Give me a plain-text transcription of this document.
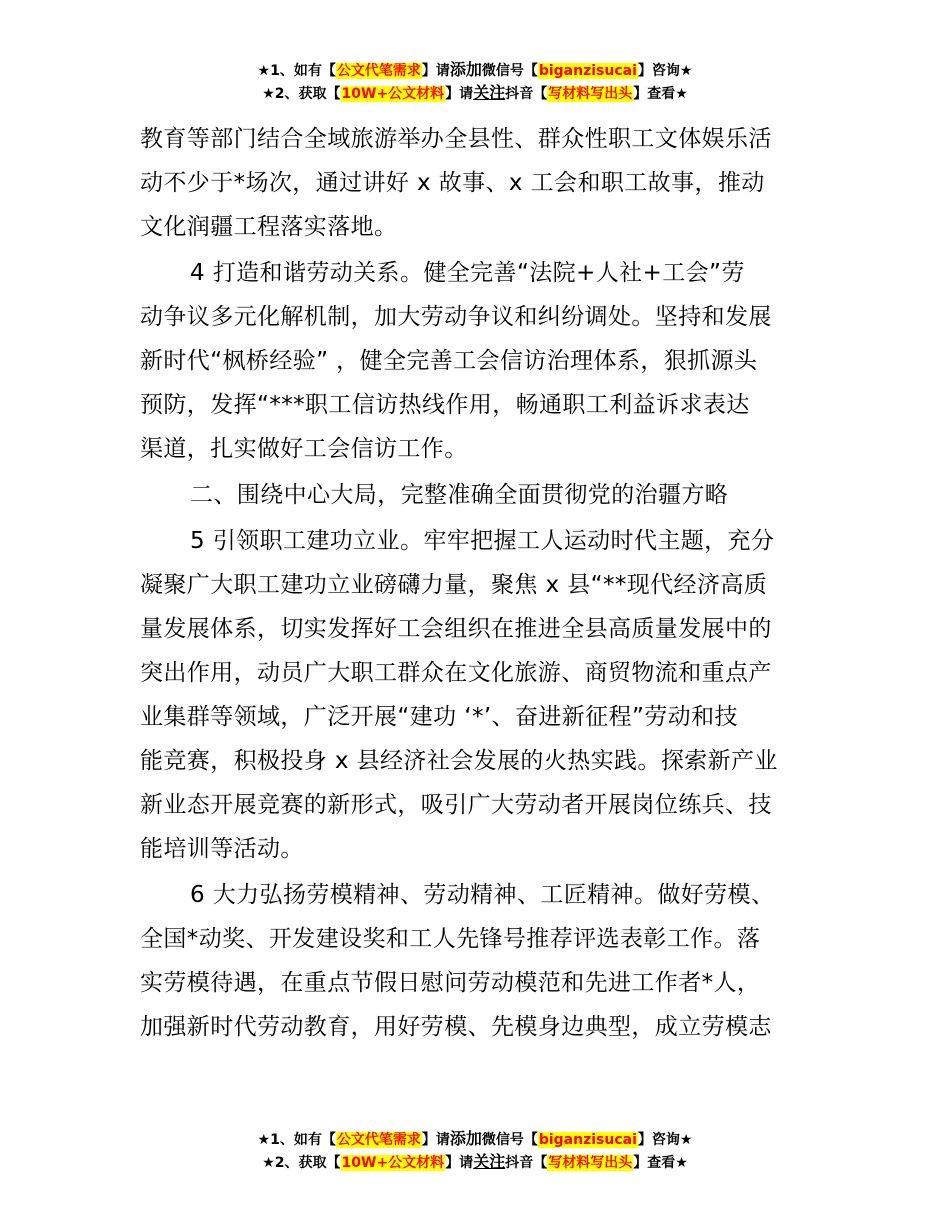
★1、如有【公文代笔需求】请添加微信号【biganzisucai】咨询★
★2、获取【10W+公文材料】请关注抖音【写材料写出头】查看★

教育等部门结合全域旅游举办全县性、群众性职工文体娱乐活
动不少于*场次，通过讲好 x 故事、x 工会和职工故事，推动
文化润疆工程落实落地。

4 打造和谐劳动关系。健全完善“法院+人社+工会”劳
动争议多元化解机制，加大劳动争议和纠纷调处。坚持和发展
新时代“枫桥经验” ，健全完善工会信访治理体系，狠抓源头
预防，发挥“***职工信访热线作用，畅通职工利益诉求表达
渠道，扎实做好工会信访工作。

二、围绕中心大局，完整准确全面贯彻党的治疆方略

5 引领职工建功立业。牢牢把握工人运动时代主题，充分
凝聚广大职工建功立业磅礴力量，聚焦 x 县“**现代经济高质
量发展体系，切实发挥好工会组织在推进全县高质量发展中的
突出作用，动员广大职工群众在文化旅游、商贸物流和重点产
业集群等领域，广泛开展“建功 ‘*’、奋进新征程”劳动和技
能竞赛，积极投身 x 县经济社会发展的火热实践。探索新产业
新业态开展竞赛的新形式，吸引广大劳动者开展岗位练兵、技
能培训等活动。

6 大力弘扬劳模精神、劳动精神、工匠精神。做好劳模、
全国*动奖、开发建设奖和工人先锋号推荐评选表彰工作。落
实劳模待遇，在重点节假日慰问劳动模范和先进工作者*人，
加强新时代劳动教育，用好劳模、先模身边典型，成立劳模志

★1、如有【公文代笔需求】请添加微信号【biganzisucai】咨询★
★2、获取【10W+公文材料】请关注抖音【写材料写出头】查看★
